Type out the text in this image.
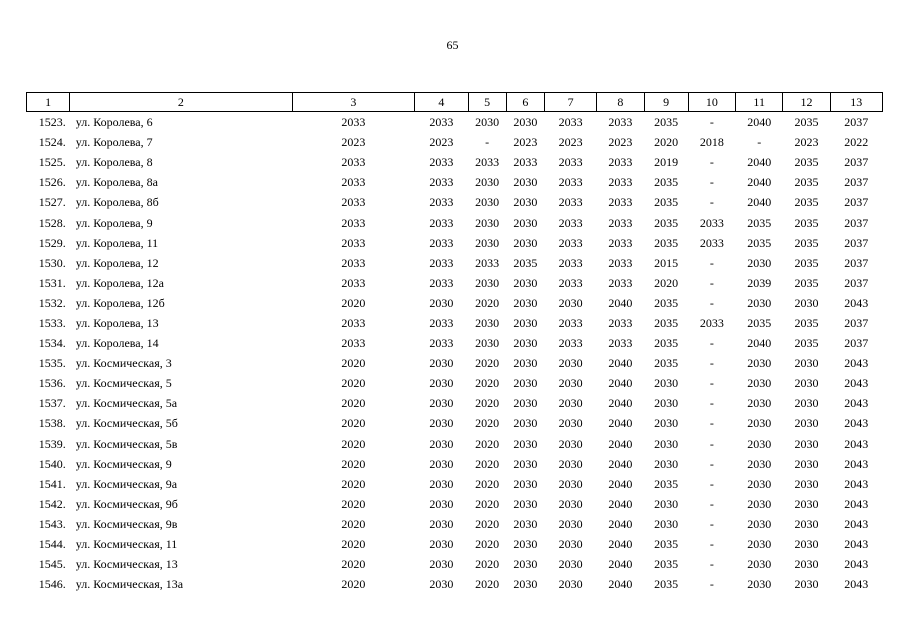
65
1	2	3	4	5	6	7	8	9	10	11	12	13
1523.	ул. Королева, 6	2033	2033	2030	2030	2033	2033	2035	-	2040	2035	2037
1524.	ул. Королева, 7	2023	2023	-	2023	2023	2023	2020	2018	-	2023	2022
1525.	ул. Королева, 8	2033	2033	2033	2033	2033	2033	2019	-	2040	2035	2037
1526.	ул. Королева, 8а	2033	2033	2030	2030	2033	2033	2035	-	2040	2035	2037
1527.	ул. Королева, 8б	2033	2033	2030	2030	2033	2033	2035	-	2040	2035	2037
1528.	ул. Королева, 9	2033	2033	2030	2030	2033	2033	2035	2033	2035	2035	2037
1529.	ул. Королева, 11	2033	2033	2030	2030	2033	2033	2035	2033	2035	2035	2037
1530.	ул. Королева, 12	2033	2033	2033	2035	2033	2033	2015	-	2030	2035	2037
1531.	ул. Королева, 12а	2033	2033	2030	2030	2033	2033	2020	-	2039	2035	2037
1532.	ул. Королева, 12б	2020	2030	2020	2030	2030	2040	2035	-	2030	2030	2043
1533.	ул. Королева, 13	2033	2033	2030	2030	2033	2033	2035	2033	2035	2035	2037
1534.	ул. Королева, 14	2033	2033	2030	2030	2033	2033	2035	-	2040	2035	2037
1535.	ул. Космическая, 3	2020	2030	2020	2030	2030	2040	2035	-	2030	2030	2043
1536.	ул. Космическая, 5	2020	2030	2020	2030	2030	2040	2030	-	2030	2030	2043
1537.	ул. Космическая, 5а	2020	2030	2020	2030	2030	2040	2030	-	2030	2030	2043
1538.	ул. Космическая, 5б	2020	2030	2020	2030	2030	2040	2030	-	2030	2030	2043
1539.	ул. Космическая, 5в	2020	2030	2020	2030	2030	2040	2030	-	2030	2030	2043
1540.	ул. Космическая, 9	2020	2030	2020	2030	2030	2040	2030	-	2030	2030	2043
1541.	ул. Космическая, 9а	2020	2030	2020	2030	2030	2040	2035	-	2030	2030	2043
1542.	ул. Космическая, 9б	2020	2030	2020	2030	2030	2040	2030	-	2030	2030	2043
1543.	ул. Космическая, 9в	2020	2030	2020	2030	2030	2040	2030	-	2030	2030	2043
1544.	ул. Космическая, 11	2020	2030	2020	2030	2030	2040	2035	-	2030	2030	2043
1545.	ул. Космическая, 13	2020	2030	2020	2030	2030	2040	2035	-	2030	2030	2043
1546.	ул. Космическая, 13а	2020	2030	2020	2030	2030	2040	2035	-	2030	2030	2043
